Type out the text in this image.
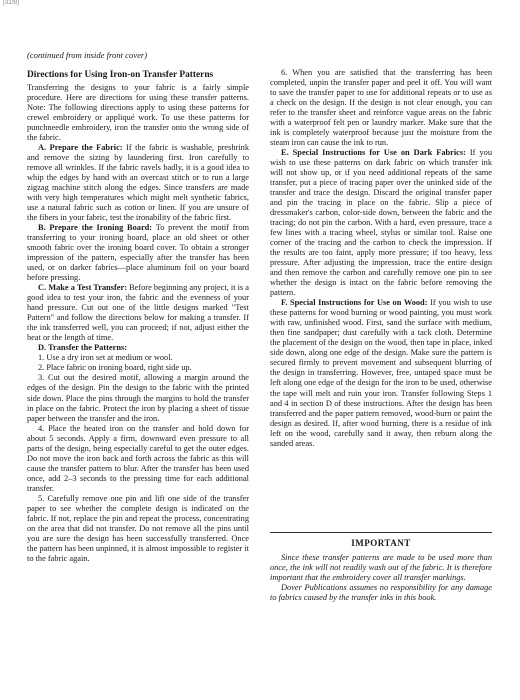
[i11f8]
(continued from inside front cover)
Directions for Using Iron-on Transfer Patterns

Transferring the designs to your fabric is a fairly simple procedure. Here are directions for using these transfer patterns. Note: The following directions apply to using these patterns for crewel embroidery or appliqué work. To use these patterns for punchneedle embroidery, iron the transfer onto the wrong side of the fabric.

A. Prepare the Fabric: If the fabric is washable, preshrink and remove the sizing by laundering first. Iron carefully to remove all wrinkles. If the fabric ravels badly, it is a good idea to whip the edges by hand with an overcast stitch or to run a large zigzag machine stitch along the edges. Since transfers are made with very high temperatures which might melt synthetic fabrics, use a natural fabric such as cotton or linen. If you are unsure of the fibers in your fabric, test the ironability of the fabric first.

B. Prepare the Ironing Board: To prevent the motif from transferring to your ironing board, place an old sheet or other smooth fabric over the ironing board cover. To obtain a stronger impression of the pattern, especially after the transfer has been used, or on darker fabrics—place aluminum foil on your board before pressing.

C. Make a Test Transfer: Before beginning any project, it is a good idea to test your iron, the fabric and the evenness of your hand pressure. Cut out one of the little designs marked "Test Pattern" and follow the directions below for making a transfer. If the ink transferred well, you can proceed; if not, adjust either the heat or the length of time.

D. Transfer the Patterns:

1. Use a dry iron set at medium or wool.

2. Place fabric on ironing board, right side up.

3. Cut out the desired motif, allowing a margin around the edges of the design. Pin the design to the fabric with the printed side down. Place the pins through the margins to hold the transfer in place on the fabric. Protect the iron by placing a sheet of tissue paper between the transfer and the iron.

4. Place the heated iron on the transfer and hold down for about 5 seconds. Apply a firm, downward even pressure to all parts of the design, being especially careful to get the outer edges. Do not move the iron back and forth across the fabric as this will cause the transfer pattern to blur. After the transfer has been used once, add 2–3 seconds to the pressing time for each additional transfer.

5. Carefully remove one pin and lift one side of the transfer paper to see whether the complete design is indicated on the fabric. If not, replace the pin and repeat the process, concentrating on the area that did not transfer. Do not remove all the pins until you are sure the design has been successfully transferred. Once the pattern has been unpinned, it is almost impossible to register it to the fabric again.

6. When you are satisfied that the transferring has been completed, unpin the transfer paper and peel it off. You will want to save the transfer paper to use for additional repeats or to use as a check on the design. If the design is not clear enough, you can refer to the transfer sheet and reinforce vague areas on the fabric with a waterproof felt pen or laundry marker. Make sure that the ink is completely waterproof because just the moisture from the steam iron can cause the ink to run.

E. Special Instructions for Use on Dark Fabrics: If you wish to use these patterns on dark fabric on which transfer ink will not show up, or if you need additional repeats of the same transfer, put a piece of tracing paper over the uninked side of the transfer and trace the design. Discard the original transfer paper and pin the tracing in place on the fabric. Slip a piece of dressmaker's carbon, color-side down, between the fabric and the tracing; do not pin the carbon. With a hard, even pressure, trace a few lines with a tracing wheel, stylus or similar tool. Raise one corner of the tracing and the carbon to check the impression. If the results are too faint, apply more pressure; if too heavy, less pressure. After adjusting the impression, trace the entire design and then remove the carbon and carefully remove one pin to see whether the design is intact on the fabric before removing the pattern.

F. Special Instructions for Use on Wood: If you wish to use these patterns for wood burning or wood painting, you must work with raw, unfinished wood. First, sand the surface with medium, then fine sandpaper; dust carefully with a tack cloth. Determine the placement of the design on the wood, then tape in place, inked side down, along one edge of the design. Make sure the pattern is secured firmly to prevent movement and subsequent blurring of the design in transferring. However, free, untaped space must be left along one edge of the design for the iron to be used, otherwise the tape will melt and ruin your iron. Transfer following Steps 1 and 4 in section D of these instructions. After the design has been transferred and the paper pattern removed, wood-burn or paint the design as desired. If, after wood burning, there is a residue of ink left on the wood, carefully sand it away, then reburn along the sanded areas.

IMPORTANT

Since these transfer patterns are made to be used more than once, the ink will not readily wash out of the fabric. It is therefore important that the embroidery cover all transfer markings.

Dover Publications assumes no responsibility for any damage to fabrics caused by the transfer inks in this book.
